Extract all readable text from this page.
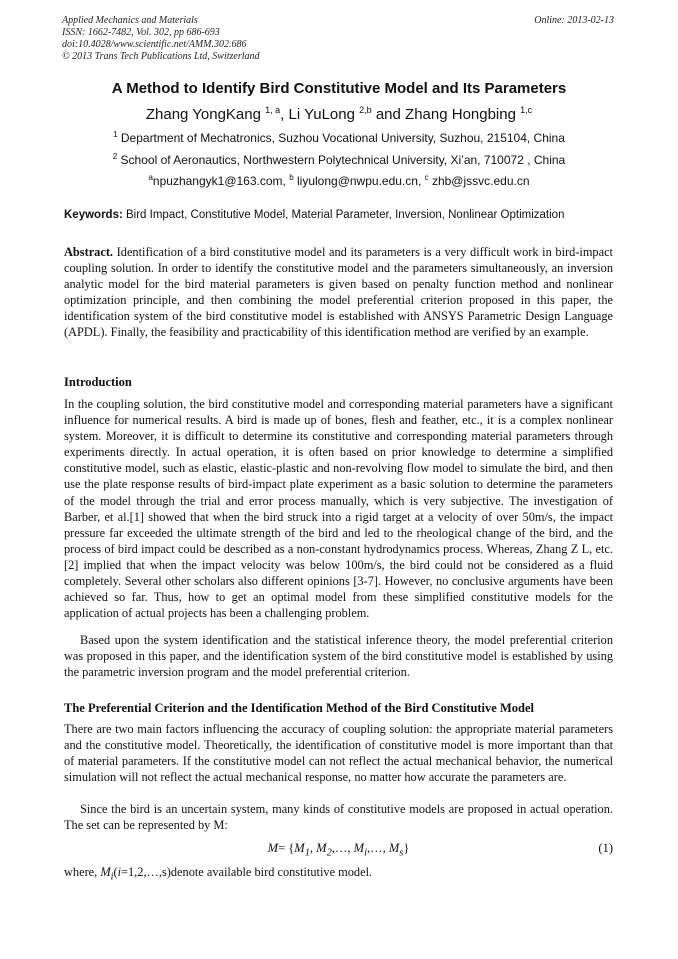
Applied Mechanics and Materials
ISSN: 1662-7482, Vol. 302, pp 686-693
doi:10.4028/www.scientific.net/AMM.302.686
© 2013 Trans Tech Publications Ltd, Switzerland
Online: 2013-02-13
A Method to Identify Bird Constitutive Model and Its Parameters
Zhang YongKang $^{1, a}$, Li YuLong $^{2,b}$ and Zhang Hongbing $^{1,c}$
$^1$ Department of Mechatronics, Suzhou Vocational University, Suzhou, 215104, China
$^2$ School of Aeronautics, Northwestern Polytechnical University, Xi’an, 710072 , China
$^a$npuzhangyk1@163.com, $^b$ liyulong@nwpu.edu.cn, $^c$ zhb@jssvc.edu.cn
Keywords: Bird Impact, Constitutive Model, Material Parameter, Inversion, Nonlinear Optimization
Abstract. Identification of a bird constitutive model and its parameters is a very difficult work in bird-impact coupling solution. In order to identify the constitutive model and the parameters simultaneously, an inversion analytic model for the bird material parameters is given based on penalty function method and nonlinear optimization principle, and then combining the model preferential criterion proposed in this paper, the identification system of the bird constitutive model is established with ANSYS Parametric Design Language (APDL). Finally, the feasibility and practicability of this identification method are verified by an example.
Introduction
In the coupling solution, the bird constitutive model and corresponding material parameters have a significant influence for numerical results. A bird is made up of bones, flesh and feather, etc., it is a complex nonlinear system. Moreover, it is difficult to determine its constitutive and corresponding material parameters through experiments directly. In actual operation, it is often based on prior knowledge to determine a simplified constitutive model, such as elastic, elastic-plastic and non-revolving flow model to simulate the bird, and then use the plate response results of bird-impact plate experiment as a basic solution to determine the parameters of the model through the trial and error process manually, which is very subjective. The investigation of Barber, et al.[1] showed that when the bird struck into a rigid target at a velocity of over 50m/s, the impact pressure far exceeded the ultimate strength of the bird and led to the rheological change of the bird, and the process of bird impact could be described as a non-constant hydrodynamics process. Whereas, Zhang Z L, etc. [2] implied that when the impact velocity was below 100m/s, the bird could not be considered as a fluid completely. Several other scholars also different opinions [3-7]. However, no conclusive arguments have been achieved so far. Thus, how to get an optimal model from these simplified constitutive models for the application of actual projects has been a challenging problem.
Based upon the system identification and the statistical inference theory, the model preferential criterion was proposed in this paper, and the identification system of the bird constitutive model is established by using the parametric inversion program and the model preferential criterion.
The Preferential Criterion and the Identification Method of the Bird Constitutive Model
There are two main factors influencing the accuracy of coupling solution: the appropriate material parameters and the constitutive model. Theoretically, the identification of constitutive model is more important than that of material parameters. If the constitutive model can not reflect the actual mechanical behavior, the numerical simulation will not reflect the actual mechanical response, no matter how accurate the parameters are.
Since the bird is an uncertain system, many kinds of constitutive models are proposed in actual operation. The set can be represented by M:
$M= \{M_1$, $M_2,\dots$, $M_i,\dots$, $M_s$}	(1)
where, $M_i(i=1,2,\dots,s)denote$ available bird constitutive model.
